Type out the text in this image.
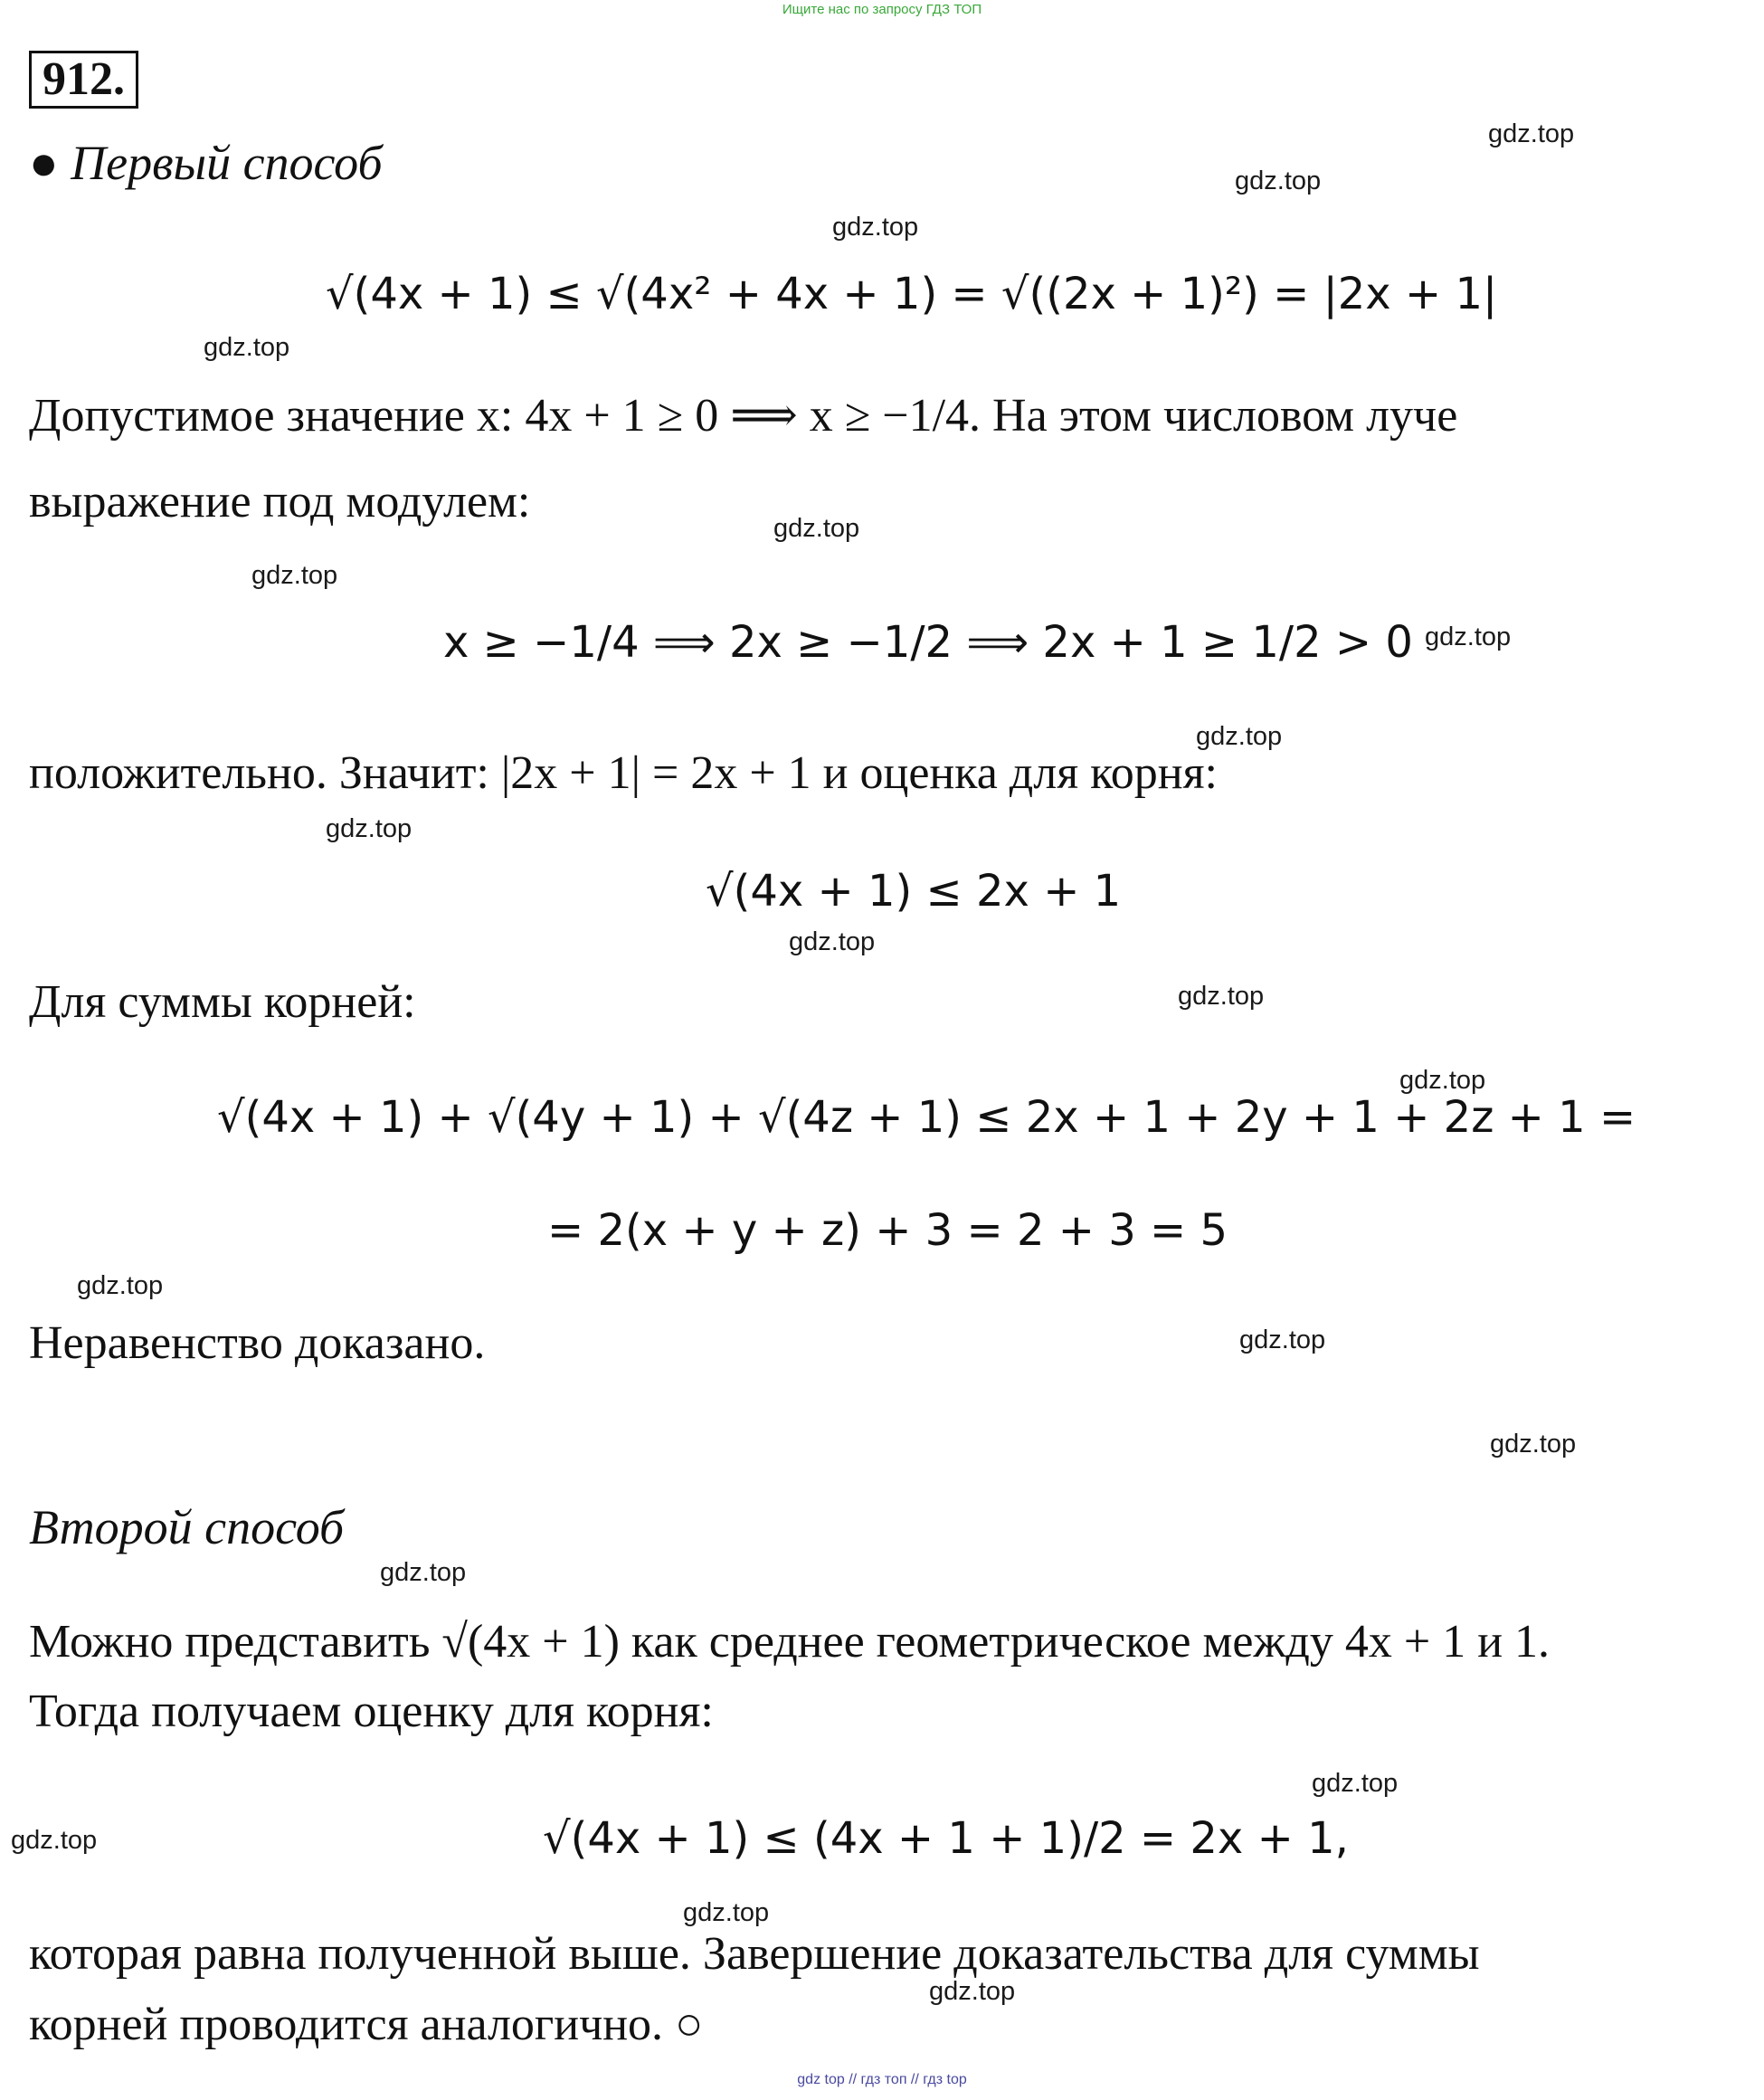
Ищите нас по запросу ГДЗ ТОП
912.
● Первый способ
√(4x + 1) ≤ √(4x² + 4x + 1) = √((2x + 1)²) = |2x + 1|
Допустимое значение x: 4x + 1 ≥ 0 ⟹ x ≥ −1/4. На этом числовом луче
выражение под модулем:
x ≥ −1/4 ⟹ 2x ≥ −1/2 ⟹ 2x + 1 ≥ 1/2 > 0
положительно. Значит: |2x + 1| = 2x + 1 и оценка для корня:
√(4x + 1) ≤ 2x + 1
Для суммы корней:
√(4x + 1) + √(4y + 1) + √(4z + 1) ≤ 2x + 1 + 2y + 1 + 2z + 1 =
= 2(x + y + z) + 3 = 2 + 3 = 5
Неравенство доказано.
Второй способ
Можно представить √(4x + 1) как среднее геометрическое между 4x + 1 и 1.
Тогда получаем оценку для корня:
√(4x + 1) ≤ (4x + 1 + 1)/2 = 2x + 1,
которая равна полученной выше. Завершение доказательства для суммы
корней проводится аналогично. ○
gdz.top
gdz.top
gdz.top
gdz.top
gdz.top
gdz.top
gdz.top
gdz.top
gdz.top
gdz.top
gdz.top
gdz.top
gdz.top
gdz.top
gdz.top
gdz.top
gdz.top
gdz.top
gdz.top
gdz.top
gdz top // гдз топ // гдз top
